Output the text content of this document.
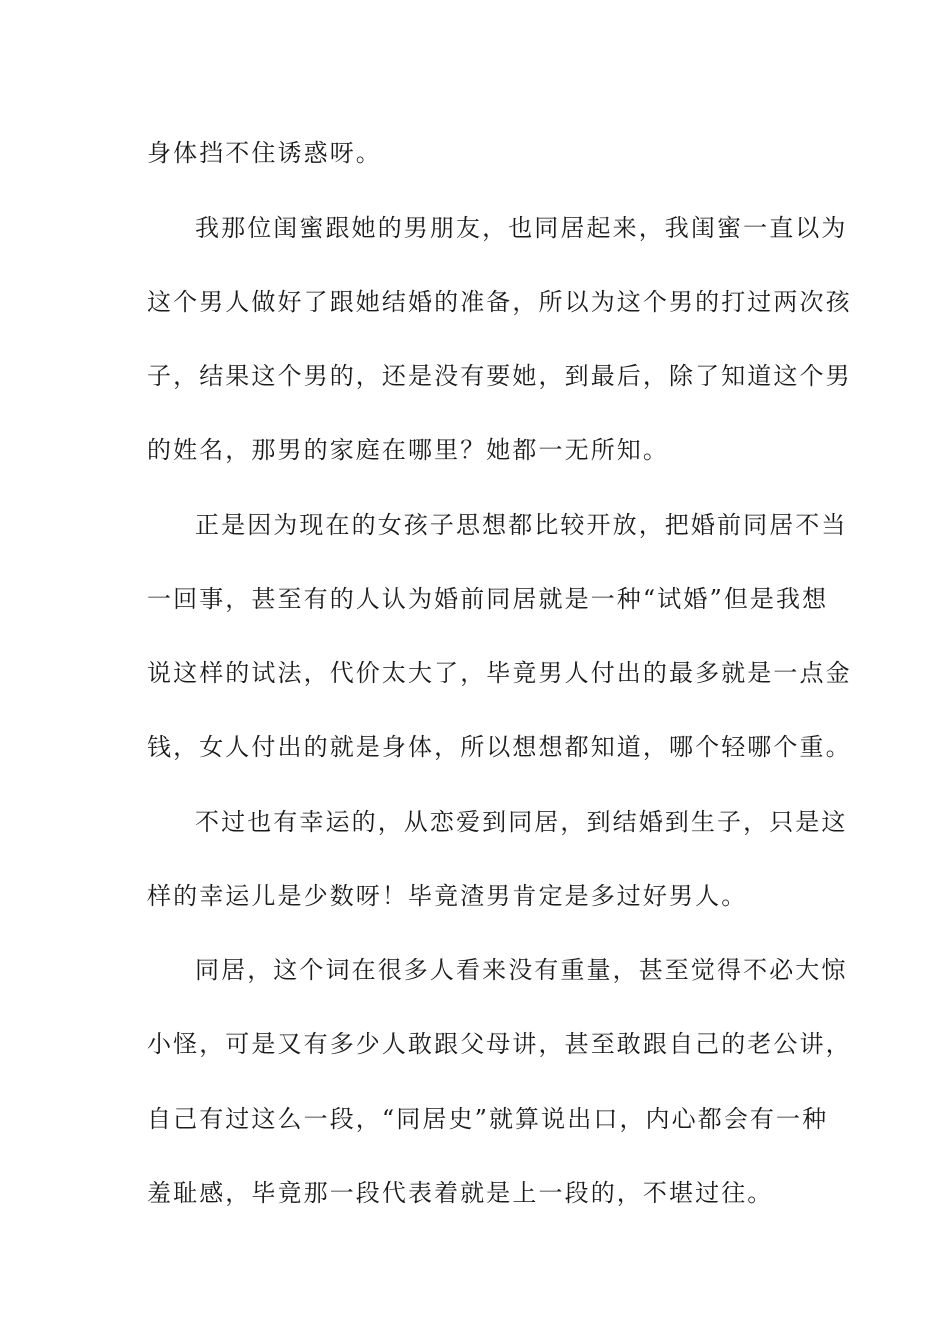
身体挡不住诱惑呀。
我那位闺蜜跟她的男朋友，也同居起来，我闺蜜一直以为
这个男人做好了跟她结婚的准备，所以为这个男的打过两次孩
子，结果这个男的，还是没有要她，到最后，除了知道这个男
的姓名，那男的家庭在哪里？她都一无所知。
正是因为现在的女孩子思想都比较开放，把婚前同居不当
一回事，甚至有的人认为婚前同居就是一种“试婚”但是我想
说这样的试法，代价太大了，毕竟男人付出的最多就是一点金
钱，女人付出的就是身体，所以想想都知道，哪个轻哪个重。
不过也有幸运的，从恋爱到同居，到结婚到生子，只是这
样的幸运儿是少数呀！毕竟渣男肯定是多过好男人。
同居，这个词在很多人看来没有重量，甚至觉得不必大惊
小怪，可是又有多少人敢跟父母讲，甚至敢跟自己的老公讲，
自己有过这么一段，“同居史”就算说出口，内心都会有一种
羞耻感，毕竟那一段代表着就是上一段的，不堪过往。
